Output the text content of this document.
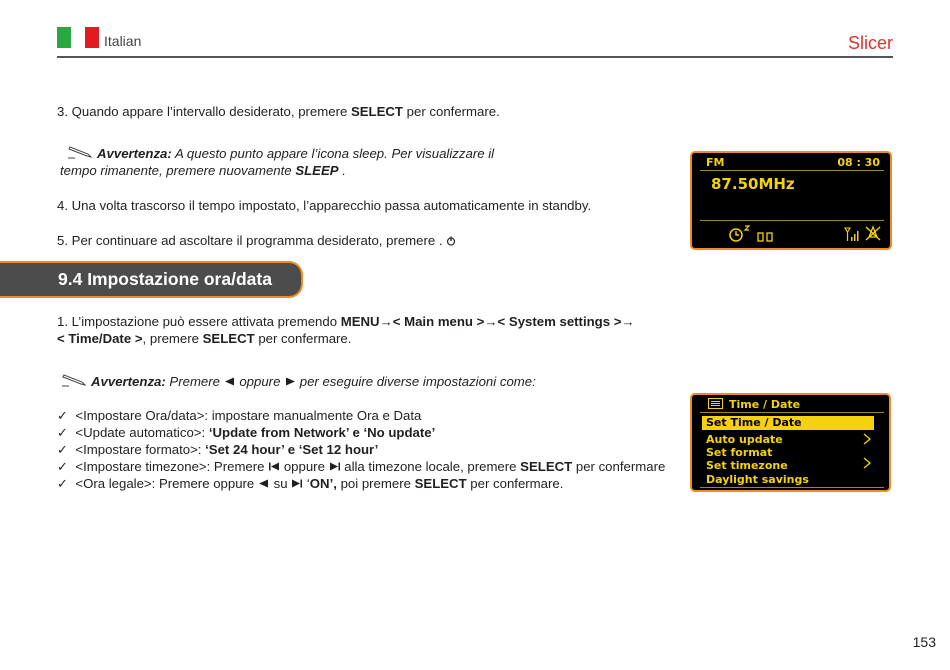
Italian	Slicer
3. Quando appare l’intervallo desiderato, premere SELECT per confermare.
Avvertenza: A questo punto appare l’icona sleep. Per visualizzare il
tempo rimanente, premere nuovamente SLEEP .
4. Una volta trascorso il tempo impostato, l’apparecchio passa automaticamente in standby.
5. Per continuare ad ascoltare il programma desiderato, premere .
9.4 Impostazione ora/data
1. L’impostazione può essere attivata premendo MENU→< Main menu >→< System settings >→
< Time/Date >, premere SELECT per confermare.
Avvertenza: Premere  oppure  per eseguire diverse impostazioni come:
✓ <Impostare Ora/data>: impostare manualmente Ora e Data
✓ <Update automatico>: ‘Update from Network’ e ‘No update’
✓ <Impostare formato>: ‘Set 24 hour’ e ‘Set 12 hour’
✓ <Impostare timezone>: Premere  oppure  alla timezone locale, premere SELECT per confermare
✓ <Ora legale>: Premere oppure  su  ‘ON’, poi premere SELECT per confermare.
FM	08 : 30
87.50MHz
Time / Date
Set Time / Date
Auto update
Set format
Set timezone
Daylight savings
153
